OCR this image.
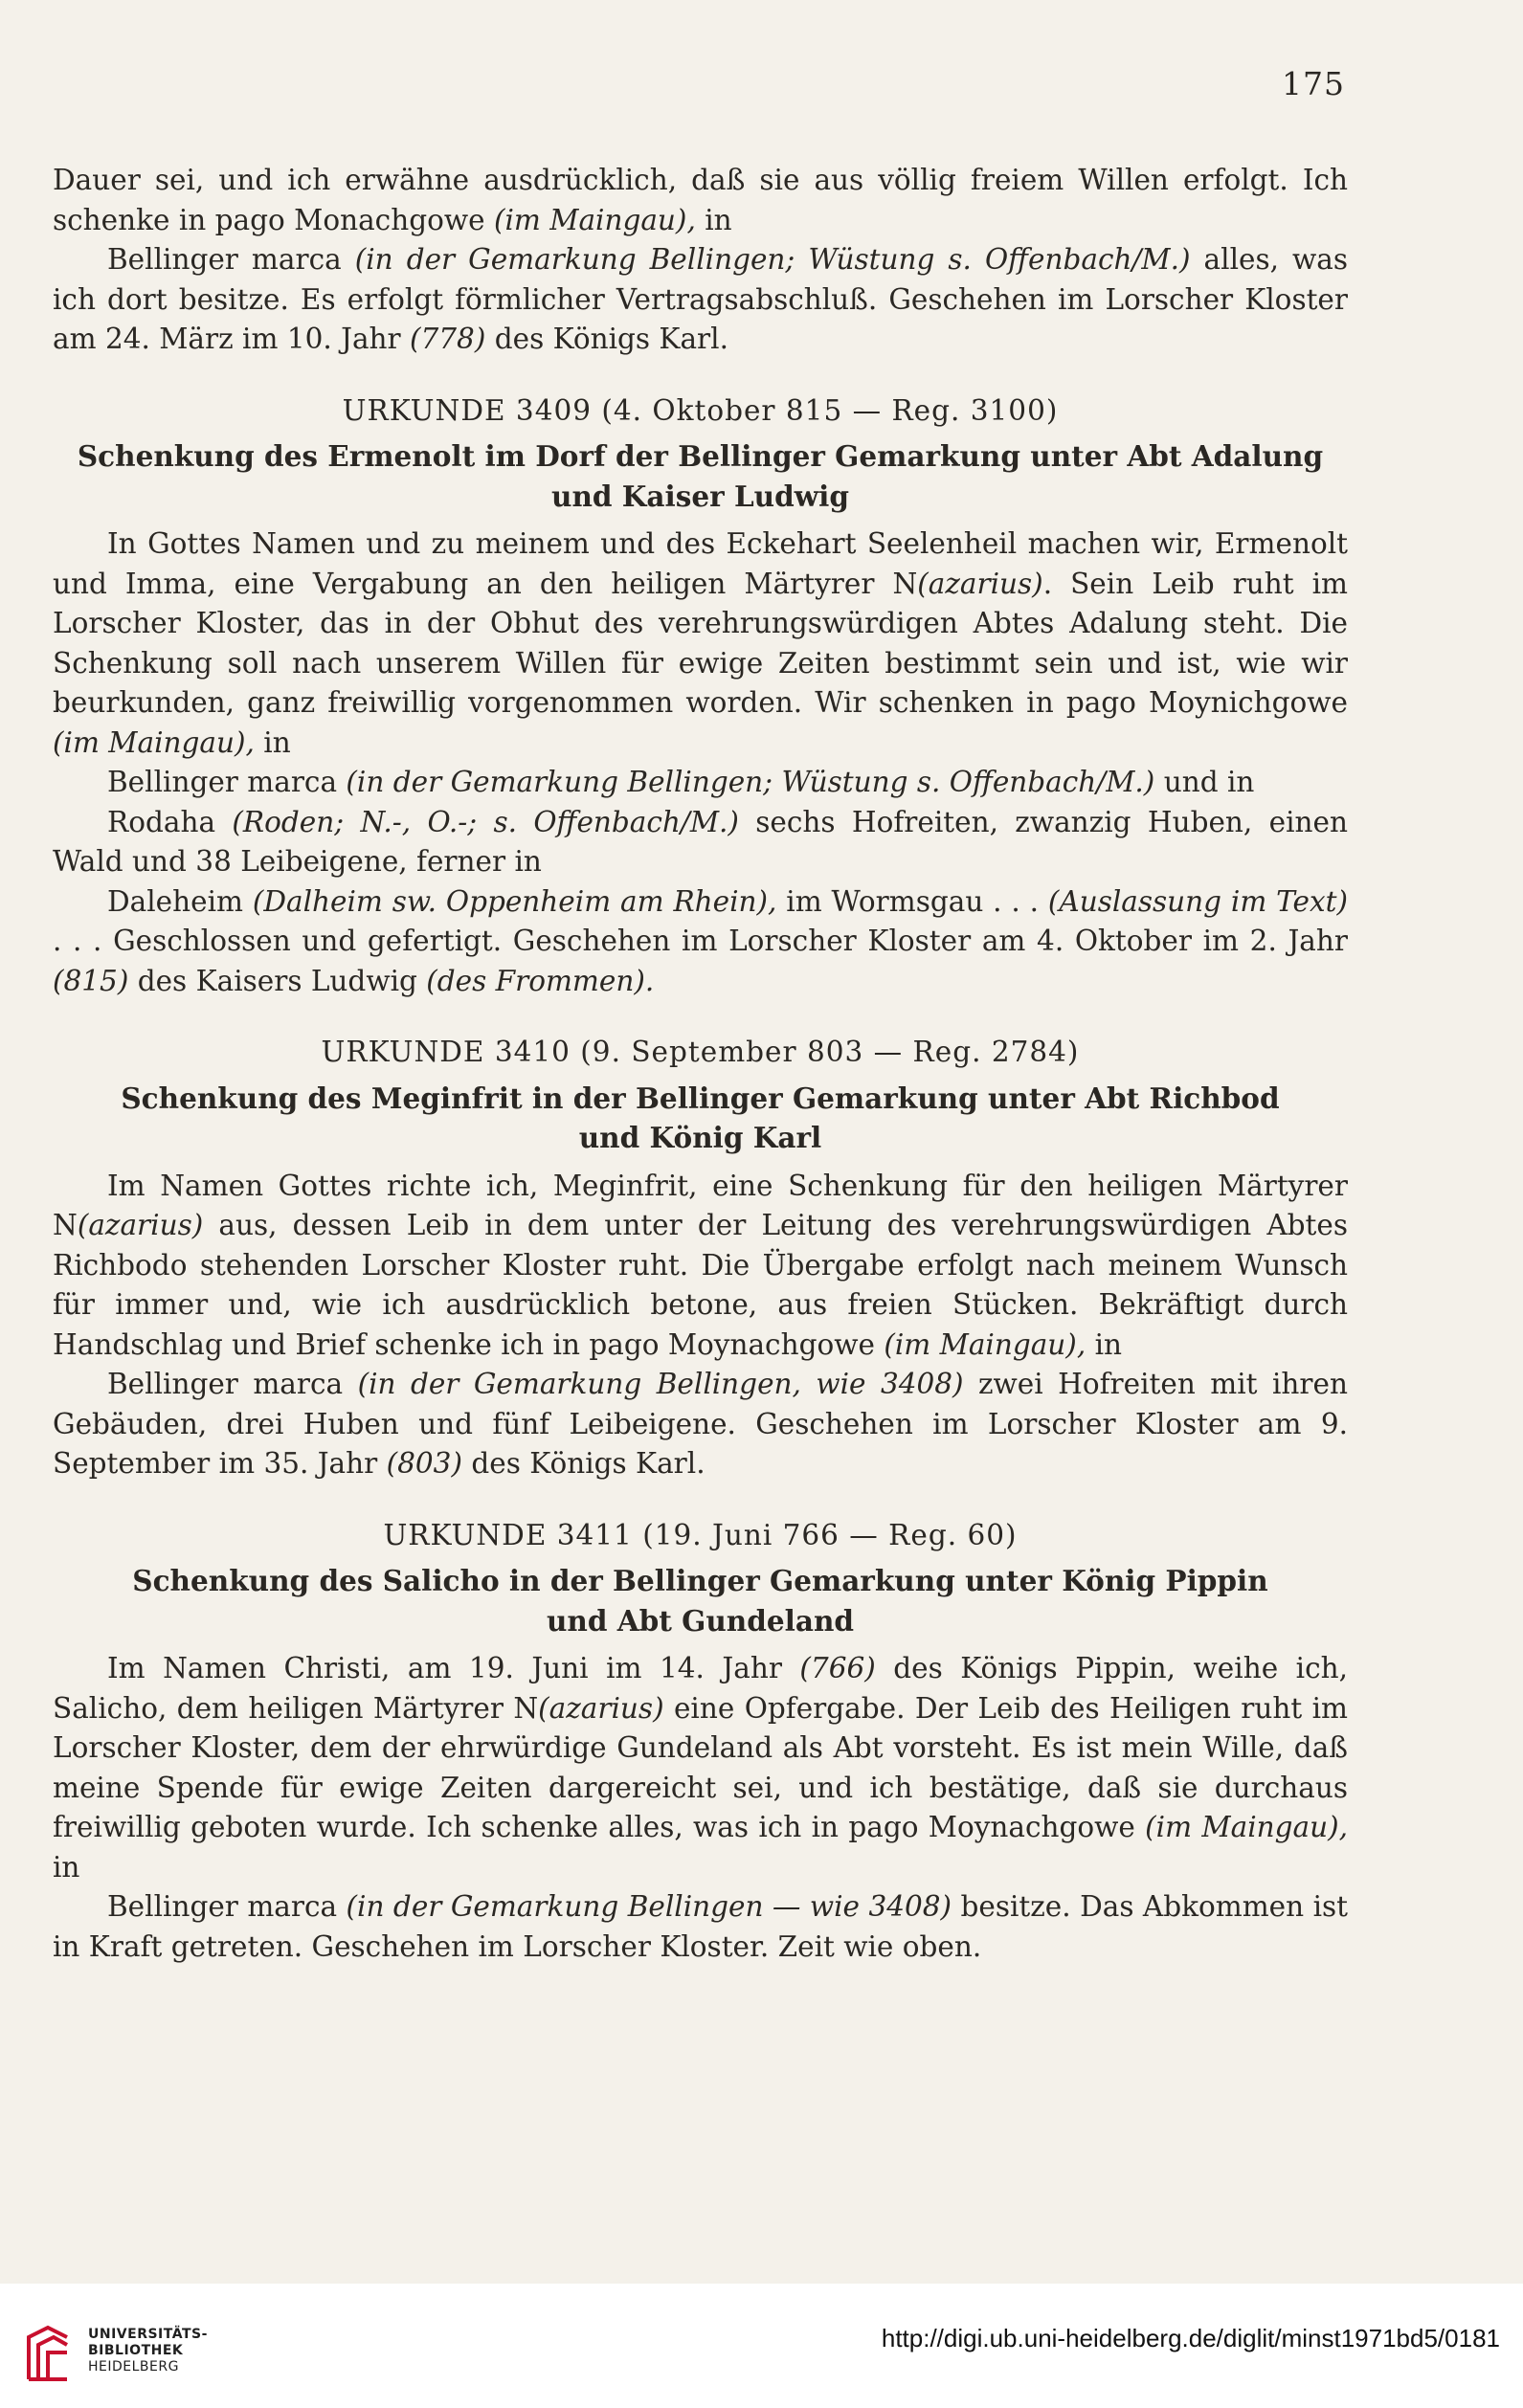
175

Dauer sei, und ich erwähne ausdrücklich, daß sie aus völlig freiem Willen erfolgt. Ich schenke in pago Monachgowe (im Maingau), in

Bellinger marca (in der Gemarkung Bellingen; Wüstung s. Offenbach/M.) alles, was ich dort besitze. Es erfolgt förmlicher Vertragsabschluß. Geschehen im Lorscher Kloster am 24. März im 10. Jahr (778) des Königs Karl.

URKUNDE 3409 (4. Oktober 815 — Reg. 3100)
Schenkung des Ermenolt im Dorf der Bellinger Gemarkung unter Abt Adalung
und Kaiser Ludwig

In Gottes Namen und zu meinem und des Eckehart Seelenheil machen wir, Ermenolt und Imma, eine Vergabung an den heiligen Märtyrer N(azarius). Sein Leib ruht im Lorscher Kloster, das in der Obhut des verehrungswürdigen Abtes Adalung steht. Die Schenkung soll nach unserem Willen für ewige Zeiten bestimmt sein und ist, wie wir beurkunden, ganz freiwillig vorgenommen worden. Wir schenken in pago Moynichgowe (im Maingau), in

Bellinger marca (in der Gemarkung Bellingen; Wüstung s. Offenbach/M.) und in

Rodaha (Roden; N.-, O.-; s. Offenbach/M.) sechs Hofreiten, zwanzig Huben, einen Wald und 38 Leibeigene, ferner in

Daleheim (Dalheim sw. Oppenheim am Rhein), im Wormsgau . . . (Auslassung im Text) . . . Geschlossen und gefertigt. Geschehen im Lorscher Kloster am 4. Oktober im 2. Jahr (815) des Kaisers Ludwig (des Frommen).

URKUNDE 3410 (9. September 803 — Reg. 2784)
Schenkung des Meginfrit in der Bellinger Gemarkung unter Abt Richbod
und König Karl

Im Namen Gottes richte ich, Meginfrit, eine Schenkung für den heiligen Märtyrer N(azarius) aus, dessen Leib in dem unter der Leitung des verehrungswürdigen Abtes Richbodo stehenden Lorscher Kloster ruht. Die Übergabe erfolgt nach meinem Wunsch für immer und, wie ich ausdrücklich betone, aus freien Stücken. Bekräftigt durch Handschlag und Brief schenke ich in pago Moynachgowe (im Maingau), in

Bellinger marca (in der Gemarkung Bellingen, wie 3408) zwei Hofreiten mit ihren Gebäuden, drei Huben und fünf Leibeigene. Geschehen im Lorscher Kloster am 9. September im 35. Jahr (803) des Königs Karl.

URKUNDE 3411 (19. Juni 766 — Reg. 60)
Schenkung des Salicho in der Bellinger Gemarkung unter König Pippin
und Abt Gundeland

Im Namen Christi, am 19. Juni im 14. Jahr (766) des Königs Pippin, weihe ich, Salicho, dem heiligen Märtyrer N(azarius) eine Opfergabe. Der Leib des Heiligen ruht im Lorscher Kloster, dem der ehrwürdige Gundeland als Abt vorsteht. Es ist mein Wille, daß meine Spende für ewige Zeiten dargereicht sei, und ich bestätige, daß sie durchaus freiwillig geboten wurde. Ich schenke alles, was ich in pago Moynachgowe (im Maingau), in

Bellinger marca (in der Gemarkung Bellingen — wie 3408) besitze. Das Abkommen ist in Kraft getreten. Geschehen im Lorscher Kloster. Zeit wie oben.

UNIVERSITÄTS-
BIBLIOTHEK
HEIDELBERG
http://digi.ub.uni-heidelberg.de/diglit/minst1971bd5/0181
